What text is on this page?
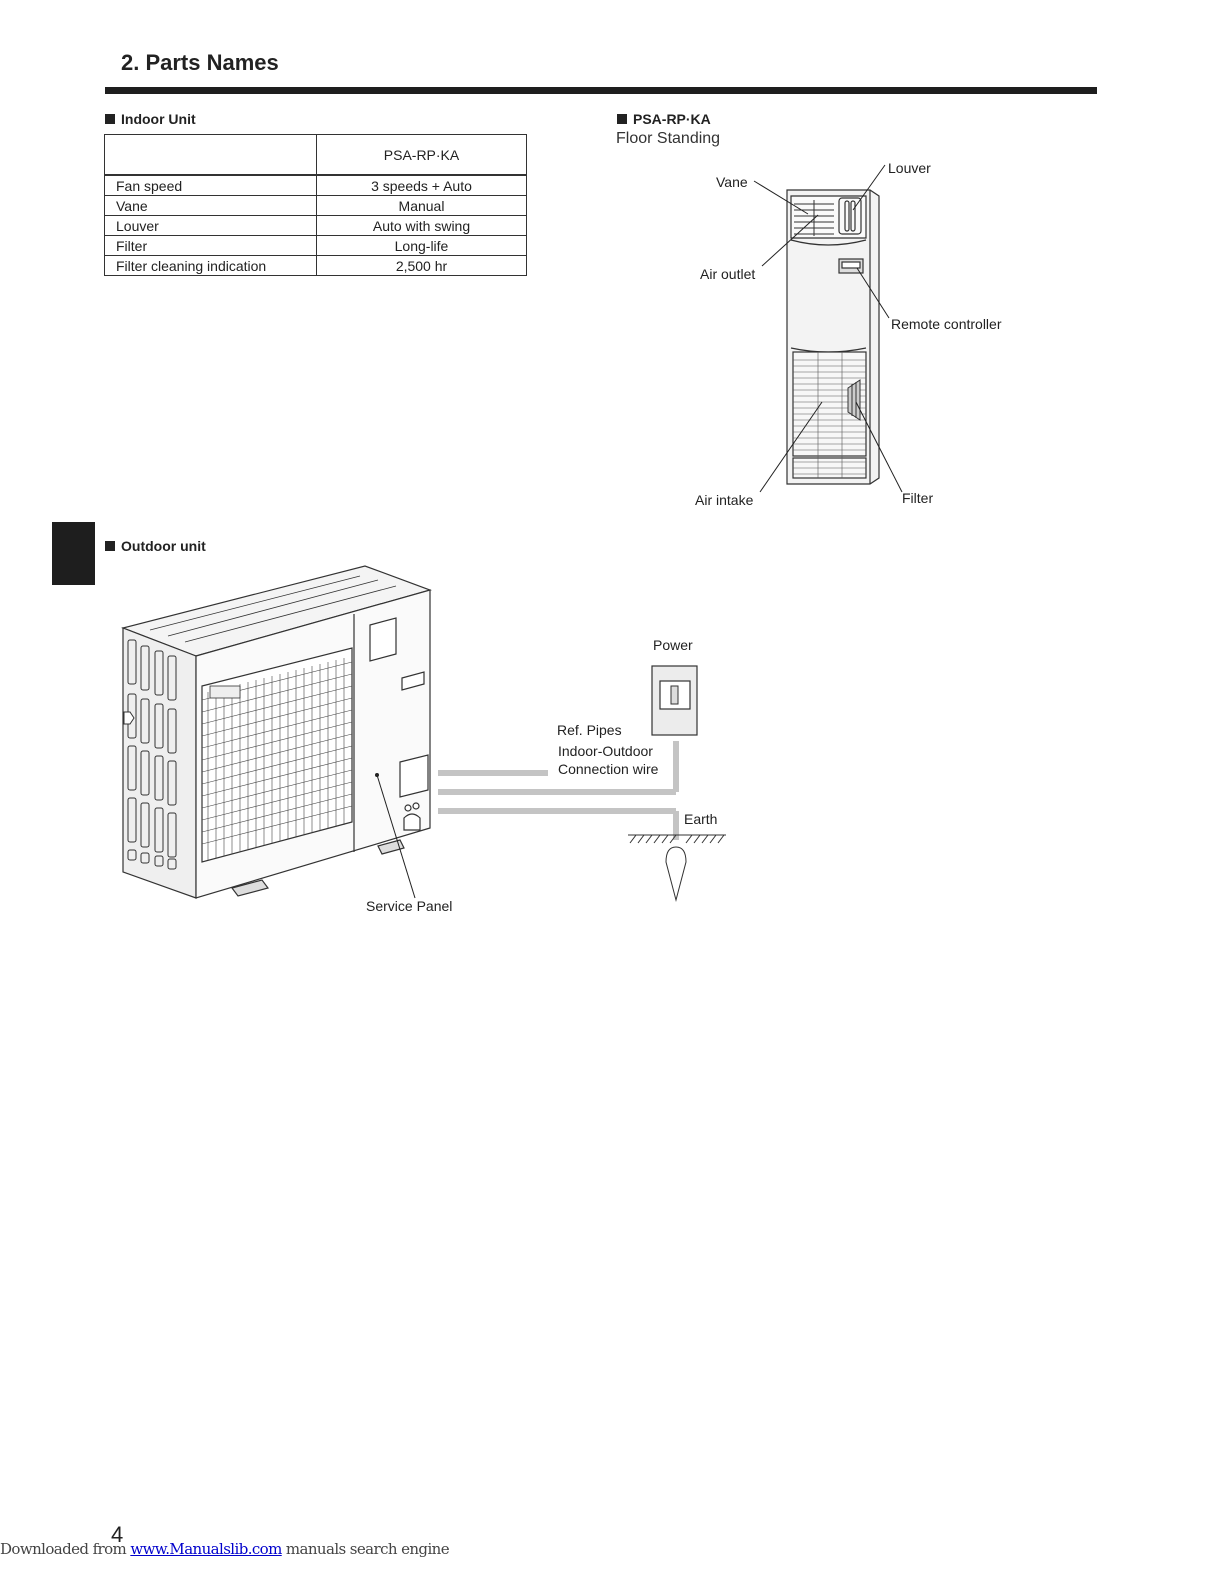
2. Parts Names
Indoor Unit
	PSA-RP·KA
Fan speed	3 speeds + Auto
Vane	Manual
Louver	Auto with swing
Filter	Long-life
Filter cleaning indication	2,500 hr
PSA-RP·KA
Floor Standing
Outdoor unit
Vane
Louver
Air outlet
Remote controller
Air intake	Filter
Power
Ref. Pipes
Indoor-Outdoor
Connection wire
Earth
Service Panel
4
Downloaded from www.Manualslib.com manuals search engine
